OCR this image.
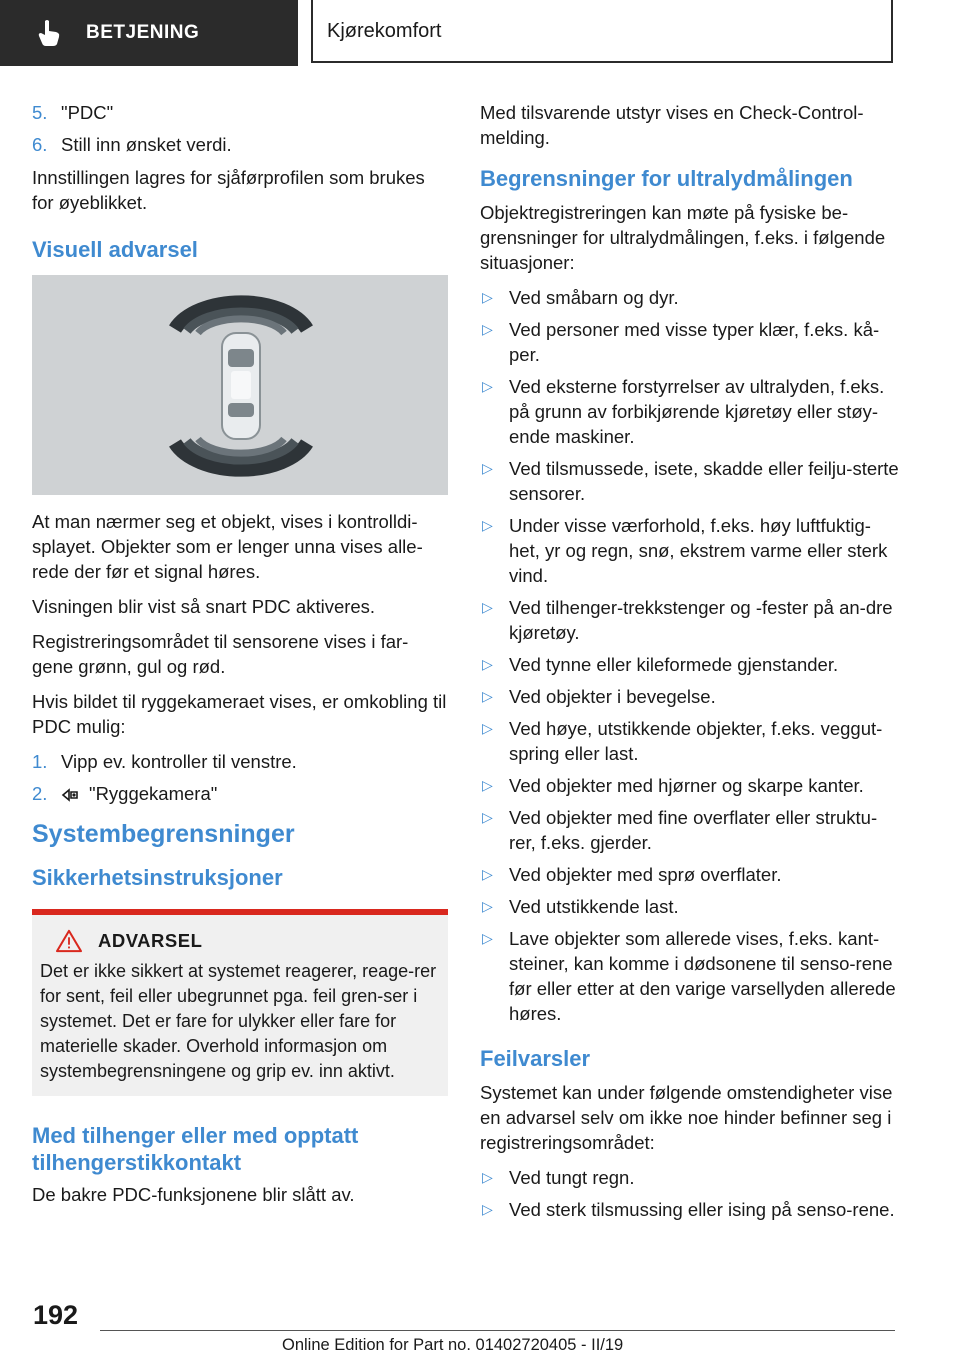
BETJENING	Kjørekomfort
5. "PDC"
6. Still inn ønsket verdi.

Innstillingen lagres for sjåførprofilen som brukes for øyeblikket.

Visuell advarsel

At man nærmer seg et objekt, vises i kontrolldi-splayet. Objekter som er lenger unna vises alle-rede der før et signal høres.

Visningen blir vist så snart PDC aktiveres.

Registreringsområdet til sensorene vises i far-gene grønn, gul og rød.

Hvis bildet til ryggekameraet vises, er omkobling til PDC mulig:

1. Vipp ev. kontroller til venstre.
2. "Ryggekamera"
Systembegrensninger
Sikkerhetsinstruksjoner
ADVARSEL

Det er ikke sikkert at systemet reagerer, reage-rer for sent, feil eller ubegrunnet pga. feil gren-ser i systemet. Det er fare for ulykker eller fare for materielle skader. Overhold informasjon om systembegrensningene og grip ev. inn aktivt.

Med tilhenger eller med opptatt tilhengerstikkontakt

De bakre PDC-funksjonene blir slått av.

Med tilsvarende utstyr vises en Check-Control-melding.

Begrensninger for ultralydmålingen

Objektregistreringen kan møte på fysiske be-grensninger for ultralydmålingen, f.eks. i følgende situasjoner:

▷ Ved småbarn og dyr.
▷ Ved personer med visse typer klær, f.eks. kå-per.
▷ Ved eksterne forstyrrelser av ultralyden, f.eks. på grunn av forbikjørende kjøretøy eller støy-ende maskiner.
▷ Ved tilsmussede, isete, skadde eller feilju-sterte sensorer.
▷ Under visse værforhold, f.eks. høy luftfuktig-het, yr og regn, snø, ekstrem varme eller sterk vind.
▷ Ved tilhenger-trekkstenger og -fester på an-dre kjøretøy.
▷ Ved tynne eller kileformede gjenstander.
▷ Ved objekter i bevegelse.
▷ Ved høye, utstikkende objekter, f.eks. veggut-spring eller last.
▷ Ved objekter med hjørner og skarpe kanter.
▷ Ved objekter med fine overflater eller struktu-rer, f.eks. gjerder.
▷ Ved objekter med sprø overflater.
▷ Ved utstikkende last.
▷ Lave objekter som allerede vises, f.eks. kant-steiner, kan komme i dødsonene til senso-rene før eller etter at den varige varsellyden allerede høres.
Feilvarsler

Systemet kan under følgende omstendigheter vise en advarsel selv om ikke noe hinder befinner seg i registreringsområdet:

▷ Ved tungt regn.
▷ Ved sterk tilsmussing eller ising på senso-rene.
192
Online Edition for Part no. 01402720405 - II/19
